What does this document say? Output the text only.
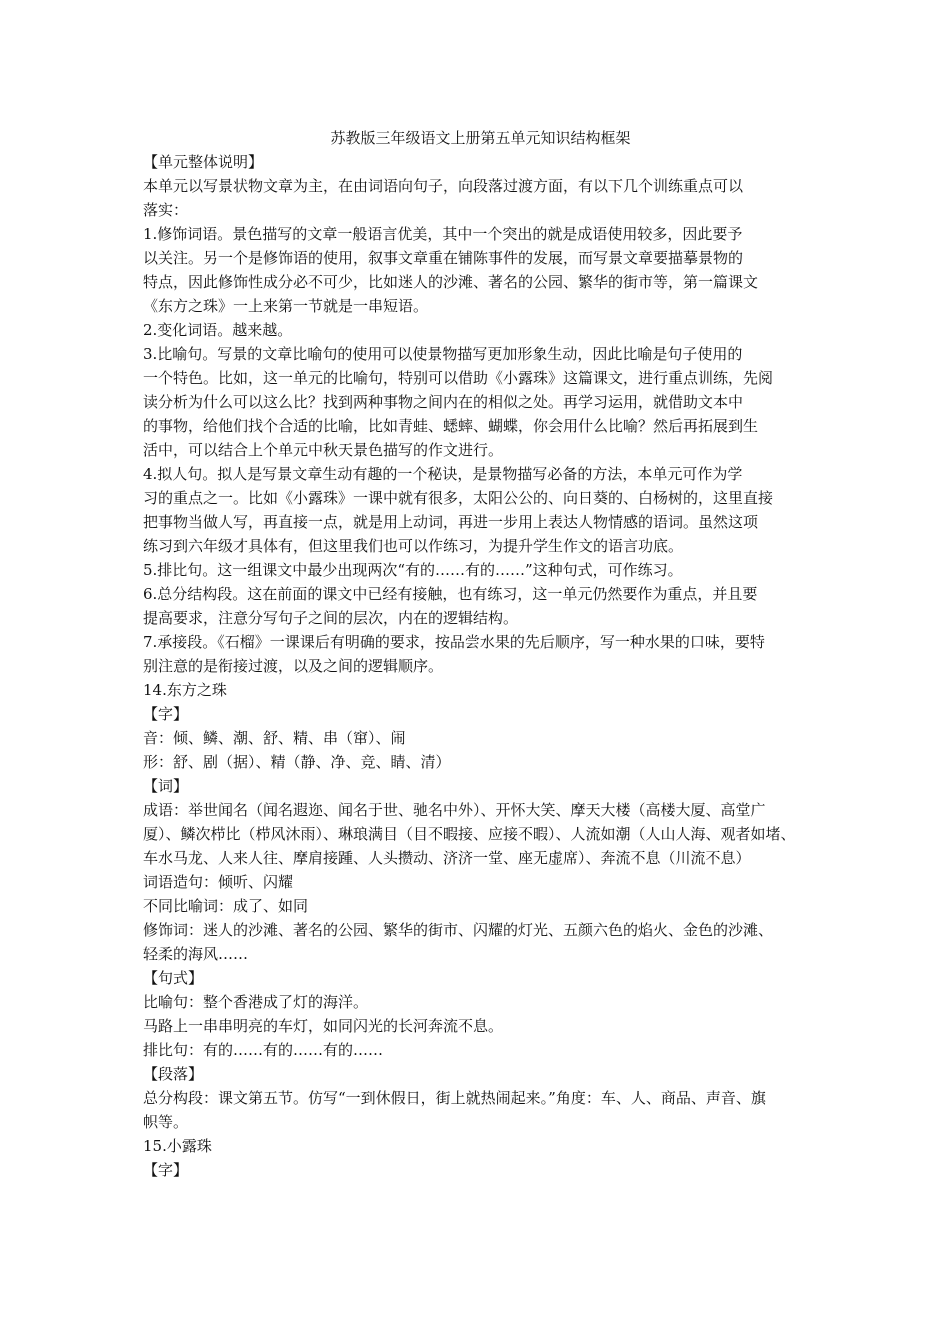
苏教版三年级语文上册第五单元知识结构框架
【单元整体说明】
本单元以写景状物文章为主，在由词语向句子，向段落过渡方面，有以下几个训练重点可以
落实：
1.修饰词语。景色描写的文章一般语言优美，其中一个突出的就是成语使用较多，因此要予
以关注。另一个是修饰语的使用，叙事文章重在铺陈事件的发展，而写景文章要描摹景物的
特点，因此修饰性成分必不可少，比如迷人的沙滩、著名的公园、繁华的街市等，第一篇课文
《东方之珠》一上来第一节就是一串短语。
2.变化词语。越来越。
3.比喻句。写景的文章比喻句的使用可以使景物描写更加形象生动，因此比喻是句子使用的
一个特色。比如，这一单元的比喻句，特别可以借助《小露珠》这篇课文，进行重点训练，先阅
读分析为什么可以这么比？找到两种事物之间内在的相似之处。再学习运用，就借助文本中
的事物，给他们找个合适的比喻，比如青蛙、蟋蟀、蝴蝶，你会用什么比喻？然后再拓展到生
活中，可以结合上个单元中秋天景色描写的作文进行。
4.拟人句。拟人是写景文章生动有趣的一个秘诀，是景物描写必备的方法，本单元可作为学
习的重点之一。比如《小露珠》一课中就有很多，太阳公公的、向日葵的、白杨树的，这里直接
把事物当做人写，再直接一点，就是用上动词，再进一步用上表达人物情感的语词。虽然这项
练习到六年级才具体有，但这里我们也可以作练习，为提升学生作文的语言功底。
5.排比句。这一组课文中最少出现两次“有的……有的……”这种句式，可作练习。
6.总分结构段。这在前面的课文中已经有接触，也有练习，这一单元仍然要作为重点，并且要
提高要求，注意分写句子之间的层次，内在的逻辑结构。
7.承接段。《石榴》一课课后有明确的要求，按品尝水果的先后顺序，写一种水果的口味，要特
别注意的是衔接过渡，以及之间的逻辑顺序。
14.东方之珠
【字】
音：倾、鳞、潮、舒、精、串（窜）、闹
形：舒、剧（据）、精（静、净、竞、睛、清）
【词】
成语：举世闻名（闻名遐迩、闻名于世、驰名中外）、开怀大笑、摩天大楼（高楼大厦、高堂广
厦）、鳞次栉比（栉风沐雨）、琳琅满目（目不暇接、应接不暇）、人流如潮（人山人海、观者如堵、
车水马龙、人来人往、摩肩接踵、人头攒动、济济一堂、座无虚席）、奔流不息（川流不息）
词语造句：倾听、闪耀
不同比喻词：成了、如同
修饰词：迷人的沙滩、著名的公园、繁华的街市、闪耀的灯光、五颜六色的焰火、金色的沙滩、
轻柔的海风……
【句式】
比喻句：整个香港成了灯的海洋。
马路上一串串明亮的车灯，如同闪光的长河奔流不息。
排比句：有的……有的……有的……
【段落】
总分构段：课文第五节。仿写“一到休假日，街上就热闹起来。”角度：车、人、商品、声音、旗
帜等。
15.小露珠
【字】
